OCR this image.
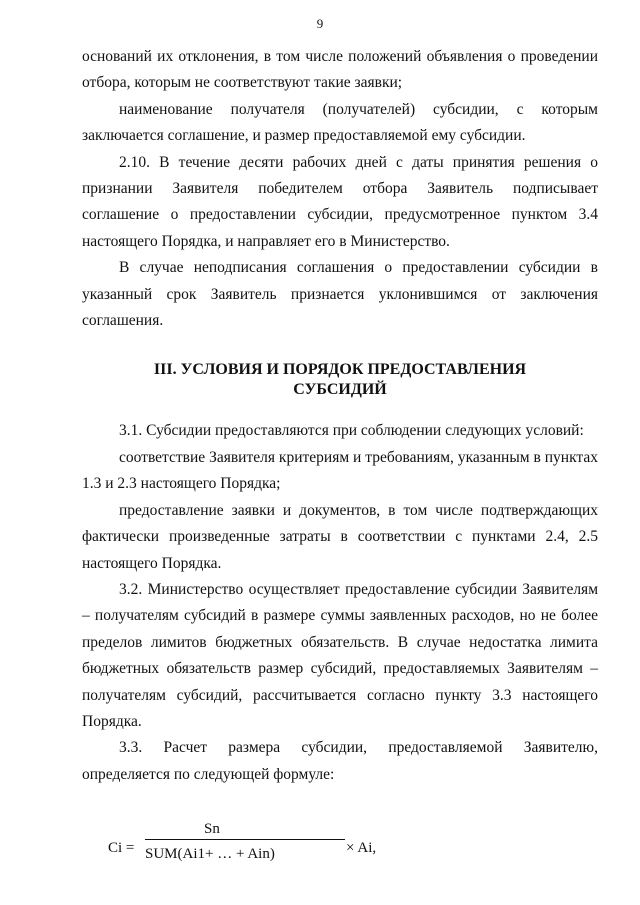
9

оснований их отклонения, в том числе положений объявления о проведении отбора, которым не соответствуют такие заявки;

наименование получателя (получателей) субсидии, с которым заключается соглашение, и размер предоставляемой ему субсидии.

2.10. В течение десяти рабочих дней с даты принятия решения о признании Заявителя победителем отбора Заявитель подписывает соглашение о предоставлении субсидии, предусмотренное пунктом 3.4 настоящего Порядка, и направляет его в Министерство.

В случае неподписания соглашения о предоставлении субсидии в указанный срок Заявитель признается уклонившимся от заключения соглашения.

III. УСЛОВИЯ И ПОРЯДОК ПРЕДОСТАВЛЕНИЯ
СУБСИДИЙ

3.1. Субсидии предоставляются при соблюдении следующих условий:

соответствие Заявителя критериям и требованиям, указанным в пунктах 1.3 и 2.3 настоящего Порядка;

предоставление заявки и документов, в том числе подтверждающих фактически произведенные затраты в соответствии с пунктами 2.4, 2.5 настоящего Порядка.

3.2. Министерство осуществляет предоставление субсидии Заявителям – получателям субсидий в размере суммы заявленных расходов, но не более пределов лимитов бюджетных обязательств. В случае недостатка лимита бюджетных обязательств размер субсидий, предоставляемых Заявителям – получателям субсидий, рассчитывается согласно пункту 3.3 настоящего Порядка.

3.3. Расчет размера субсидии, предоставляемой Заявителю, определяется по следующей формуле:

Ci =
Sn
SUM(Ai1+ … + Ain)	× Ai,
